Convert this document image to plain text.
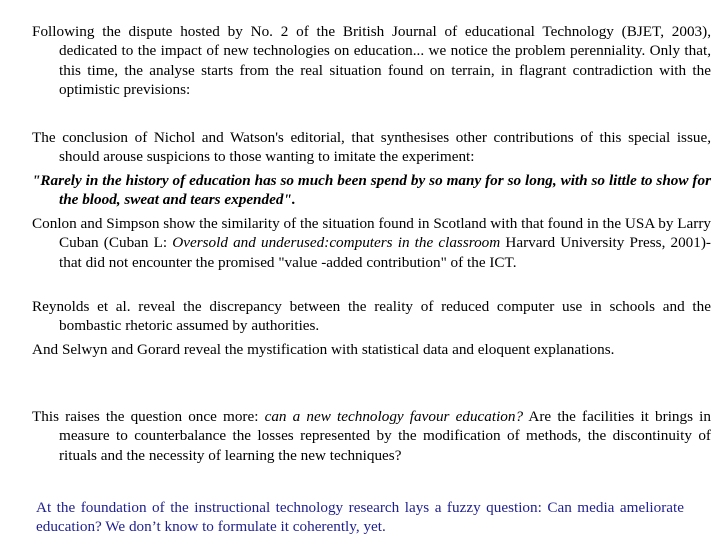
Following the dispute hosted by No. 2 of the British Journal of educational Technology (BJET, 2003), dedicated to the impact of new technologies on education... we notice the problem perenniality. Only that, this time, the analyse starts from the real situation found on terrain, in flagrant contradiction with the optimistic previsions:

The conclusion of Nichol and Watson's editorial, that synthesises other contributions of this special issue, should arouse suspicions to those wanting to imitate the experiment:

"Rarely in the history of education has so much been spend by so many for so long, with so little to show for the blood, sweat and tears expended".

Conlon and Simpson show the similarity of the situation found in Scotland with that found in the USA by Larry Cuban (Cuban L: Oversold and underused:computers in the classroom Harvard University Press, 2001)- that did not encounter the promised "value -added contribution" of the ICT.

Reynolds et al. reveal the discrepancy between the reality of reduced computer use in schools and the bombastic rhetoric assumed by authorities.

And Selwyn and Gorard reveal the mystification with statistical data and eloquent explanations.

This raises the question once more: can a new technology favour education? Are the facilities it brings in measure to counterbalance the losses represented by the modification of methods, the discontinuity of rituals and the necessity of learning the new techniques?

At the foundation of the instructional technology research lays a fuzzy question: Can media ameliorate education? We don’t know to formulate it coherently, yet.
